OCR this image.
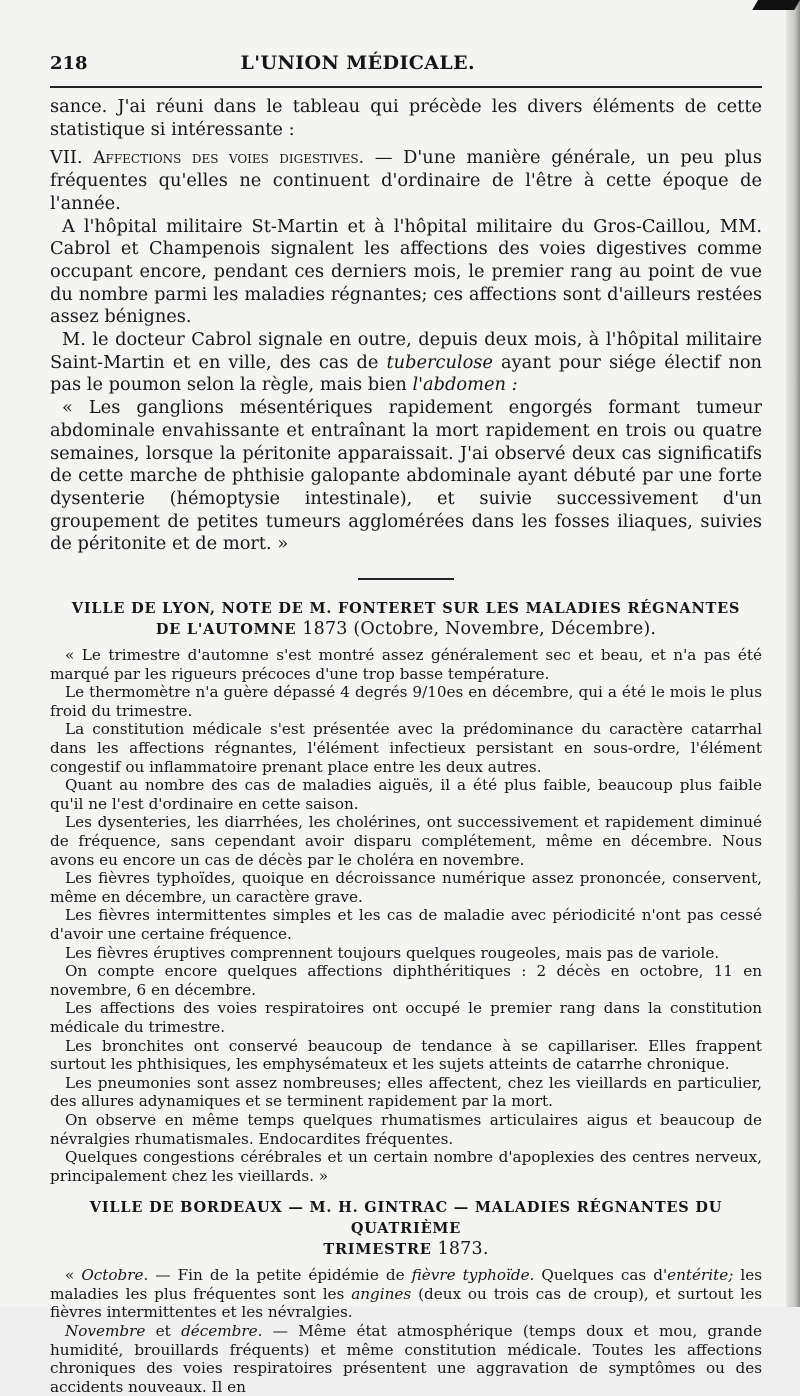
218	L'UNION MÉDICALE.

sance. J'ai réuni dans le tableau qui précède les divers éléments de cette statistique si intéressante :

VII. Affections des voies digestives. — D'une manière générale, un peu plus fréquentes qu'elles ne continuent d'ordinaire de l'être à cette époque de l'année.

A l'hôpital militaire St-Martin et à l'hôpital militaire du Gros-Caillou, MM. Cabrol et Champenois signalent les affections des voies digestives comme occupant encore, pendant ces derniers mois, le premier rang au point de vue du nombre parmi les maladies régnantes; ces affections sont d'ailleurs restées assez bénignes.

M. le docteur Cabrol signale en outre, depuis deux mois, à l'hôpital militaire Saint-Martin et en ville, des cas de tuberculose ayant pour siége électif non pas le poumon selon la règle, mais bien l'abdomen :

« Les ganglions mésentériques rapidement engorgés formant tumeur abdominale envahissante et entraînant la mort rapidement en trois ou quatre semaines, lorsque la péritonite apparaissait. J'ai observé deux cas significatifs de cette marche de phthisie galopante abdominale ayant débuté par une forte dysenterie (hémoptysie intestinale), et suivie successivement d'un groupement de petites tumeurs agglomérées dans les fosses iliaques, suivies de péritonite et de mort. »

VILLE DE LYON, NOTE DE M. FONTERET SUR LES MALADIES RÉGNANTES
DE L'AUTOMNE 1873 (Octobre, Novembre, Décembre).

« Le trimestre d'automne s'est montré assez généralement sec et beau, et n'a pas été marqué par les rigueurs précoces d'une trop basse température.

Le thermomètre n'a guère dépassé 4 degrés 9/10es en décembre, qui a été le mois le plus froid du trimestre.

La constitution médicale s'est présentée avec la prédominance du caractère catarrhal dans les affections régnantes, l'élément infectieux persistant en sous-ordre, l'élément congestif ou inflammatoire prenant place entre les deux autres.

Quant au nombre des cas de maladies aiguës, il a été plus faible, beaucoup plus faible qu'il ne l'est d'ordinaire en cette saison.

Les dysenteries, les diarrhées, les cholérines, ont successivement et rapidement diminué de fréquence, sans cependant avoir disparu complétement, même en décembre. Nous avons eu encore un cas de décès par le choléra en novembre.

Les fièvres typhoïdes, quoique en décroissance numérique assez prononcée, conservent, même en décembre, un caractère grave.

Les fièvres intermittentes simples et les cas de maladie avec périodicité n'ont pas cessé d'avoir une certaine fréquence.

Les fièvres éruptives comprennent toujours quelques rougeoles, mais pas de variole.

On compte encore quelques affections diphthéritiques : 2 décès en octobre, 11 en novembre, 6 en décembre.

Les affections des voies respiratoires ont occupé le premier rang dans la constitution médicale du trimestre.

Les bronchites ont conservé beaucoup de tendance à se capillariser. Elles frappent surtout les phthisiques, les emphysémateux et les sujets atteints de catarrhe chronique.

Les pneumonies sont assez nombreuses; elles affectent, chez les vieillards en particulier, des allures adynamiques et se terminent rapidement par la mort.

On observe en même temps quelques rhumatismes articulaires aigus et beaucoup de névralgies rhumatismales. Endocardites fréquentes.

Quelques congestions cérébrales et un certain nombre d'apoplexies des centres nerveux, principalement chez les vieillards. »

VILLE DE BORDEAUX — M. H. GINTRAC — MALADIES RÉGNANTES DU QUATRIÈME
TRIMESTRE 1873.

« Octobre. — Fin de la petite épidémie de fièvre typhoïde. Quelques cas d'entérite; les maladies les plus fréquentes sont les angines (deux ou trois cas de croup), et surtout les fièvres intermittentes et les névralgies.

Novembre et décembre. — Même état atmosphérique (temps doux et mou, grande humidité, brouillards fréquents) et même constitution médicale. Toutes les affections chroniques des voies respiratoires présentent une aggravation de symptômes ou des accidents nouveaux. Il en
